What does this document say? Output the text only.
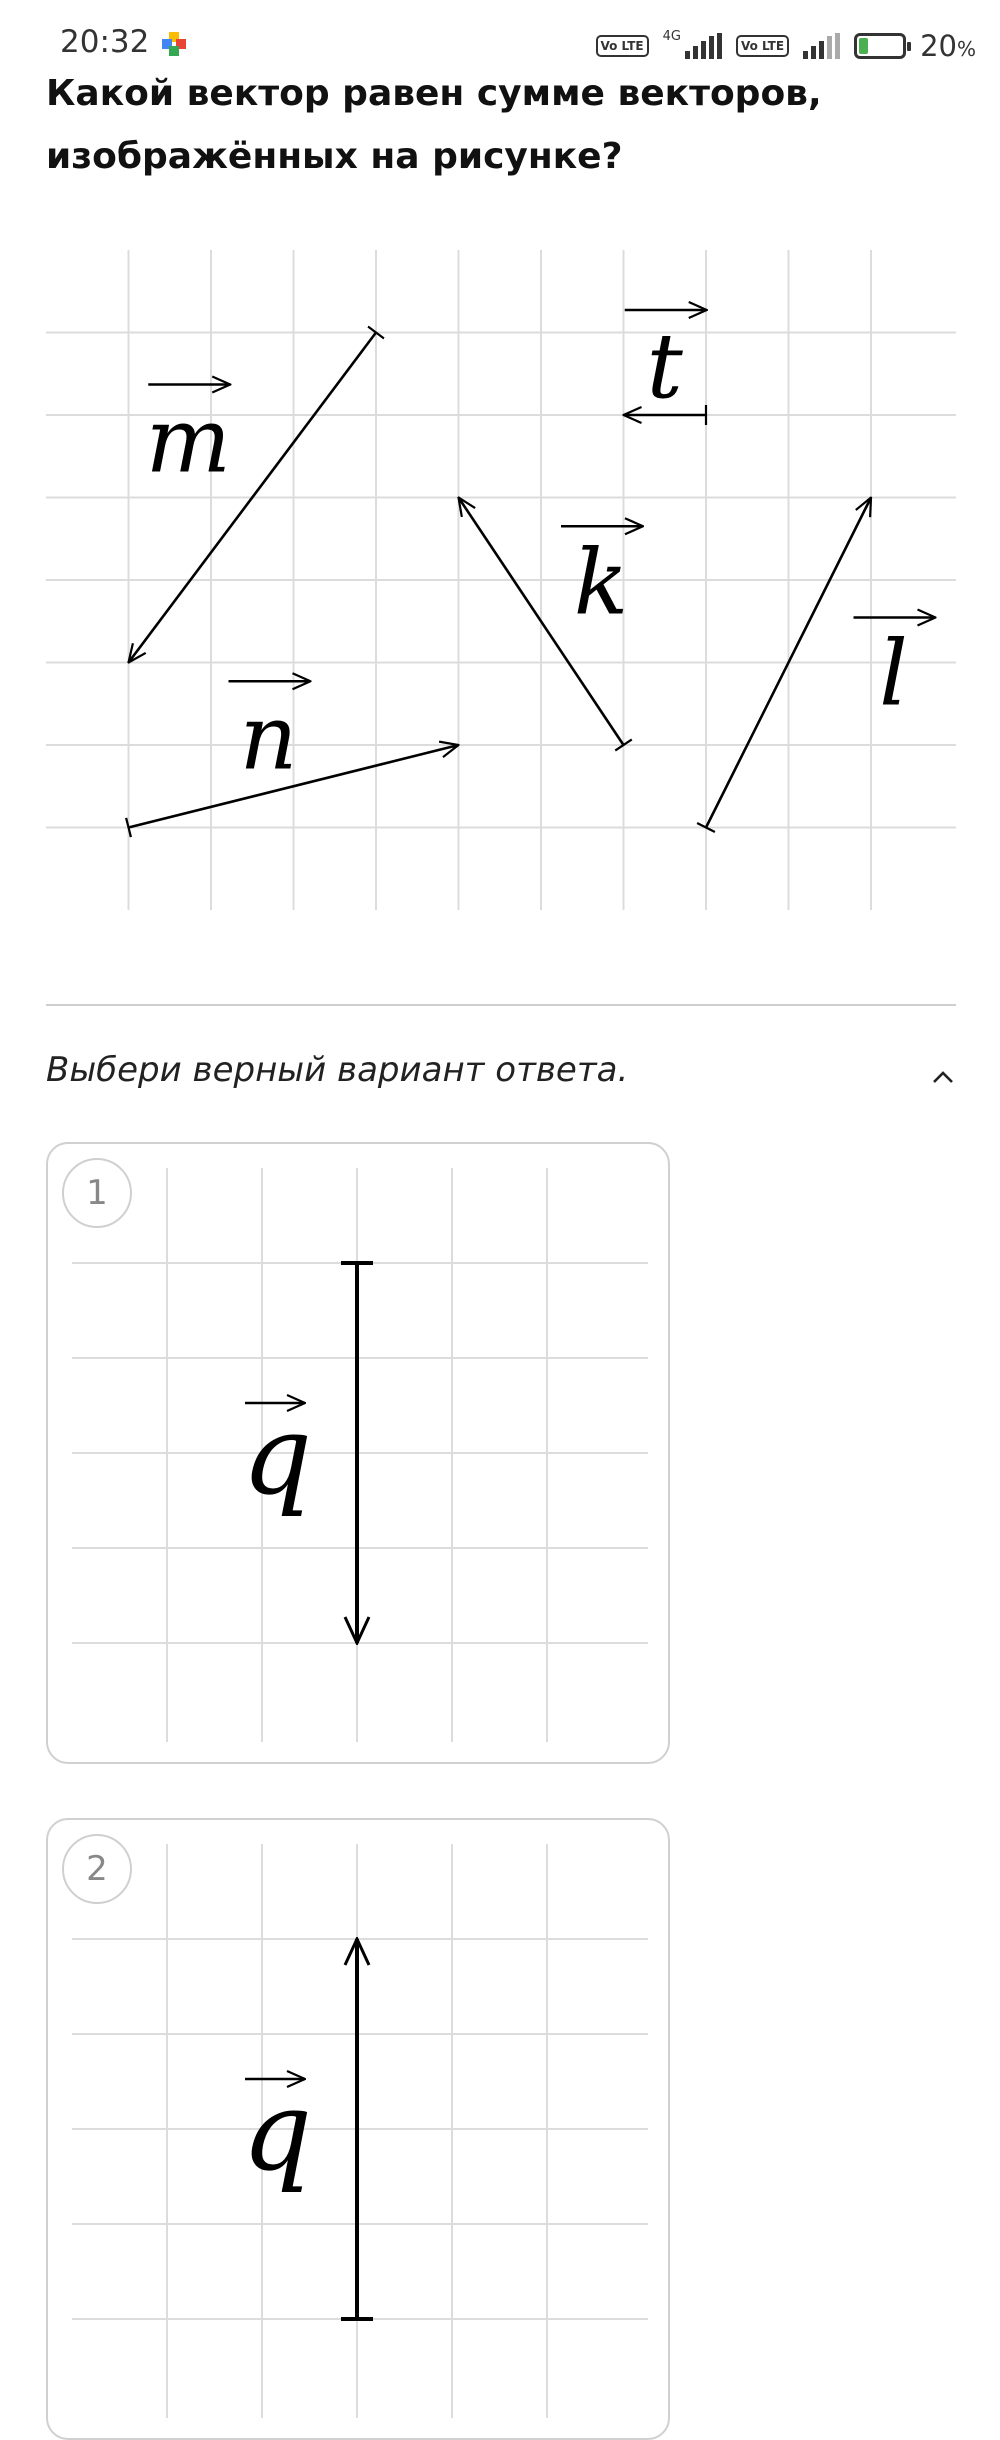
20:32	Vo LTE
4G
Vo LTE	20%
Какой вектор равен сумме векторов, изображённых на рисунке?
m
t
k
l
n
Выбери верный вариант ответа.
q
1
q
2
